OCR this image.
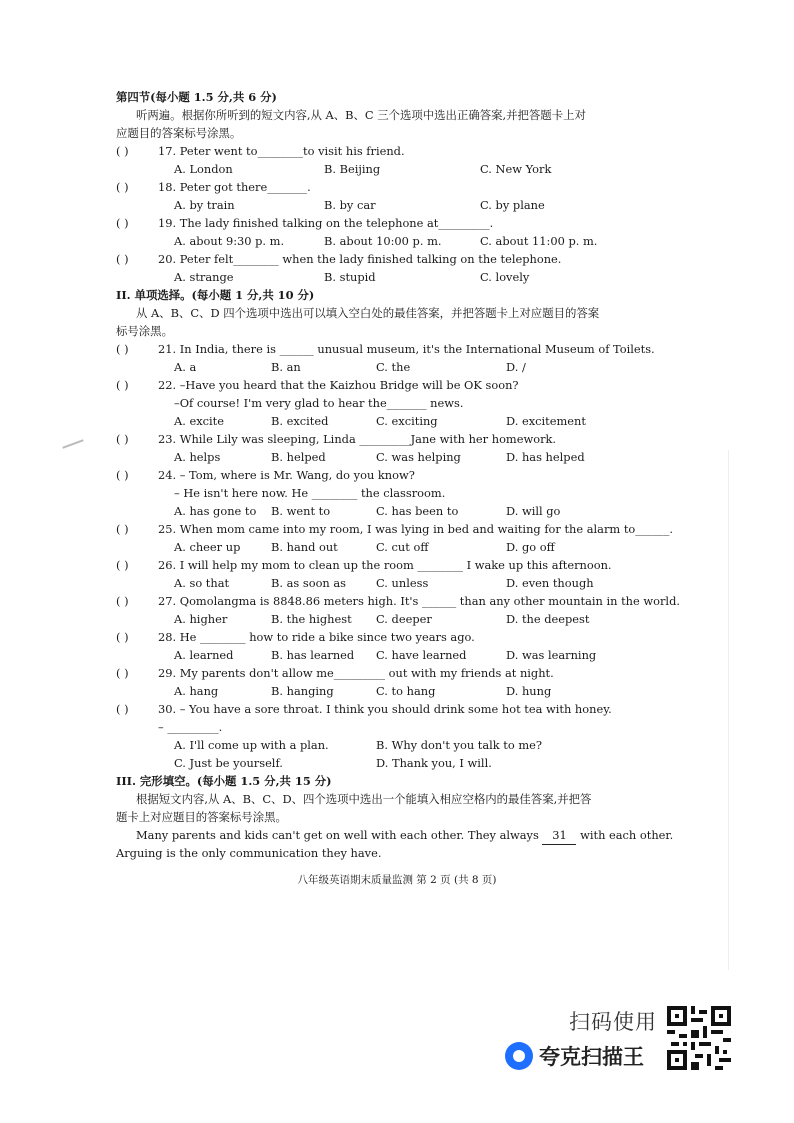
第四节(每小题 1.5 分,共 6 分)
听两遍。根据你所听到的短文内容,从 A、B、C 三个选项中选出正确答案,并把答题卡上对
应题目的答案标号涂黑。
( )	17. Peter went to________to visit his friend.
A. London	B. Beijing	C. New York
( )	18. Peter got there_______.
A. by train	B. by car	C. by plane
( )	19. The lady finished talking on the telephone at_________.
A. about 9:30 p. m.	B. about 10:00 p. m.	C. about 11:00 p. m.
( )	20. Peter felt________ when the lady finished talking on the telephone.
A. strange	B. stupid	C. lovely
II. 单项选择。(每小题 1 分,共 10 分)
从 A、B、C、D 四个选项中选出可以填入空白处的最佳答案，并把答题卡上对应题目的答案
标号涂黑。
( )	21. In India, there is ______ unusual museum, it's the International Museum of Toilets.
A. a	B. an	C. the	D. /
( )	22. –Have you heard that the Kaizhou Bridge will be OK soon?
–Of course! I'm very glad to hear the_______ news.
A. excite	B. excited	C. exciting	D. excitement
( )	23. While Lily was sleeping, Linda _________Jane with her homework.
A. helps	B. helped	C. was helping	D. has helped
( )	24. – Tom, where is Mr. Wang, do you know?
– He isn't here now. He ________ the classroom.
A. has gone to B. went to	C. has been to	D. will go
( )	25. When mom came into my room, I was lying in bed and waiting for the alarm to______.
A. cheer up	B. hand out	C. cut off	D. go off
( )	26. I will help my mom to clean up the room ________ I wake up this afternoon.
A. so that	B. as soon as	C. unless	D. even though
( )	27. Qomolangma is 8848.86 meters high. It's ______ than any other mountain in the world.
A. higher	B. the highest C. deeper	D. the deepest
( )	28. He ________ how to ride a bike since two years ago.
A. learned	B. has learned C. have learned	D. was learning
( )	29. My parents don't allow me_________ out with my friends at night.
A. hang	B. hanging	C. to hang	D. hung
( )	30. – You have a sore throat. I think you should drink some hot tea with honey.
– _________.
A. I'll come up with a plan.	B. Why don't you talk to me?
C. Just be yourself.	D. Thank you, I will.
III. 完形填空。(每小题 1.5 分,共 15 分)
根据短文内容,从 A、B、C、D、四个选项中选出一个能填入相应空格内的最佳答案,并把答
题卡上对应题目的答案标号涂黑。
Many parents and kids can't get on well with each other. They always 31 with each other.
Arguing is the only communication they have.
八年级英语期末质量监测 第 2 页 (共 8 页)
扫码使用
夸克扫描王
